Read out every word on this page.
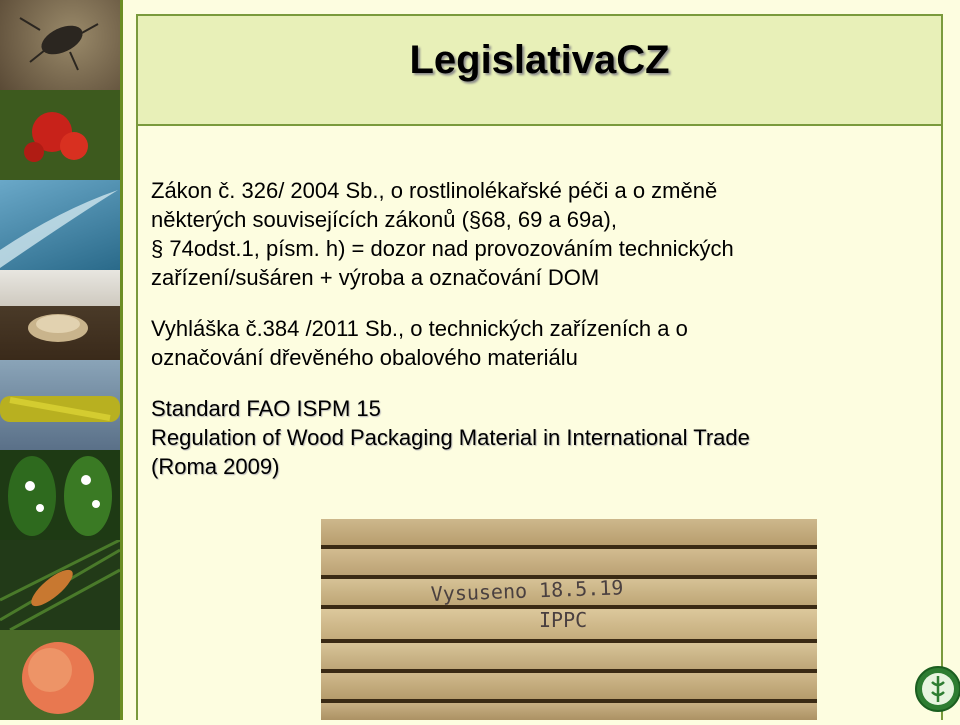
LegislativaCZ

Zákon č. 326/ 2004 Sb., o rostlinolékařské péči a o změně
některých souvisejících zákonů (§68, 69 a 69a),
§ 74odst.1, písm. h) = dozor nad provozováním technických
zařízení/sušáren + výroba a označování DOM

Vyhláška č.384 /2011 Sb., o technických zařízeních a o
označování dřevěného obalového materiálu

Standard FAO ISPM 15
Regulation of Wood Packaging Material in International Trade
(Roma 2009)

Vysuseno 18.5.19
IPPC
